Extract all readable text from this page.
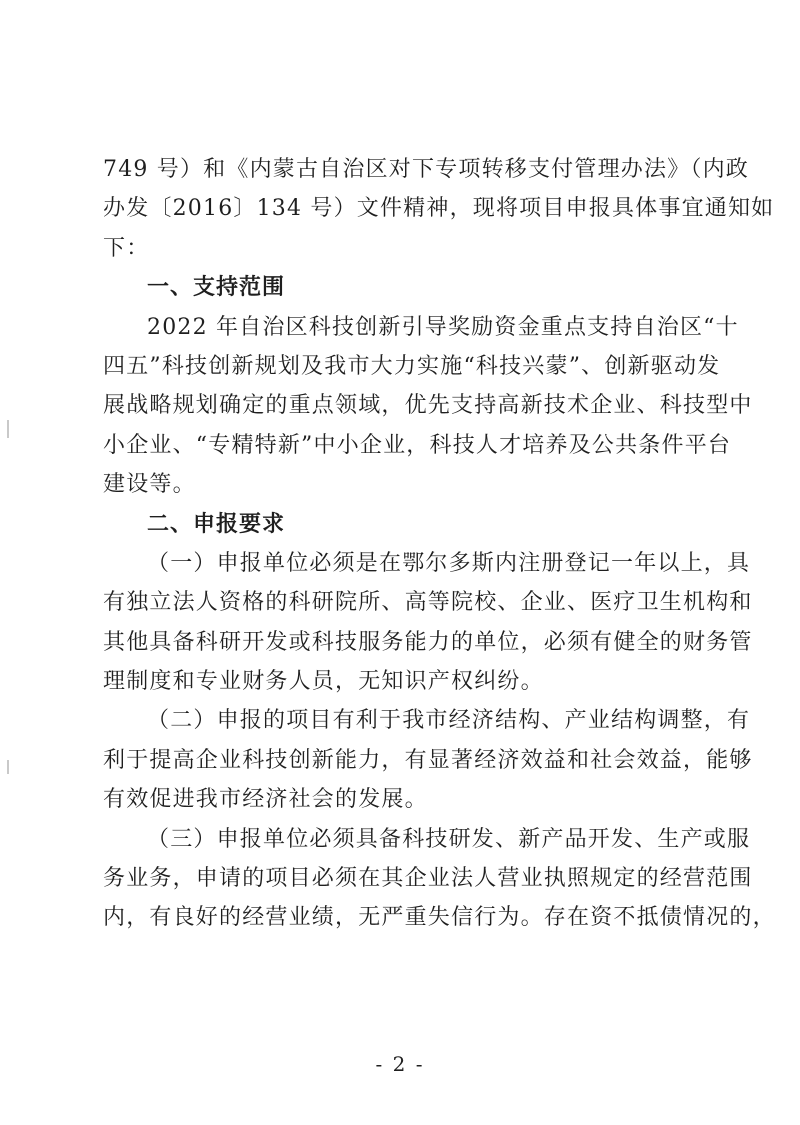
749 号）和《内蒙古自治区对下专项转移支付管理办法》（内政
办发〔2016〕134 号）文件精神，现将项目申报具体事宜通知如
下：
一、支持范围
2022 年自治区科技创新引导奖励资金重点支持自治区“十
四五”科技创新规划及我市大力实施“科技兴蒙”、创新驱动发
展战略规划确定的重点领域，优先支持高新技术企业、科技型中
小企业、“专精特新”中小企业，科技人才培养及公共条件平台
建设等。
二、申报要求
（一）申报单位必须是在鄂尔多斯内注册登记一年以上，具
有独立法人资格的科研院所、高等院校、企业、医疗卫生机构和
其他具备科研开发或科技服务能力的单位，必须有健全的财务管
理制度和专业财务人员，无知识产权纠纷。
（二）申报的项目有利于我市经济结构、产业结构调整，有
利于提高企业科技创新能力，有显著经济效益和社会效益，能够
有效促进我市经济社会的发展。
（三）申报单位必须具备科技研发、新产品开发、生产或服
务业务，申请的项目必须在其企业法人营业执照规定的经营范围
内，有良好的经营业绩，无严重失信行为。存在资不抵债情况的，
- 2 -
